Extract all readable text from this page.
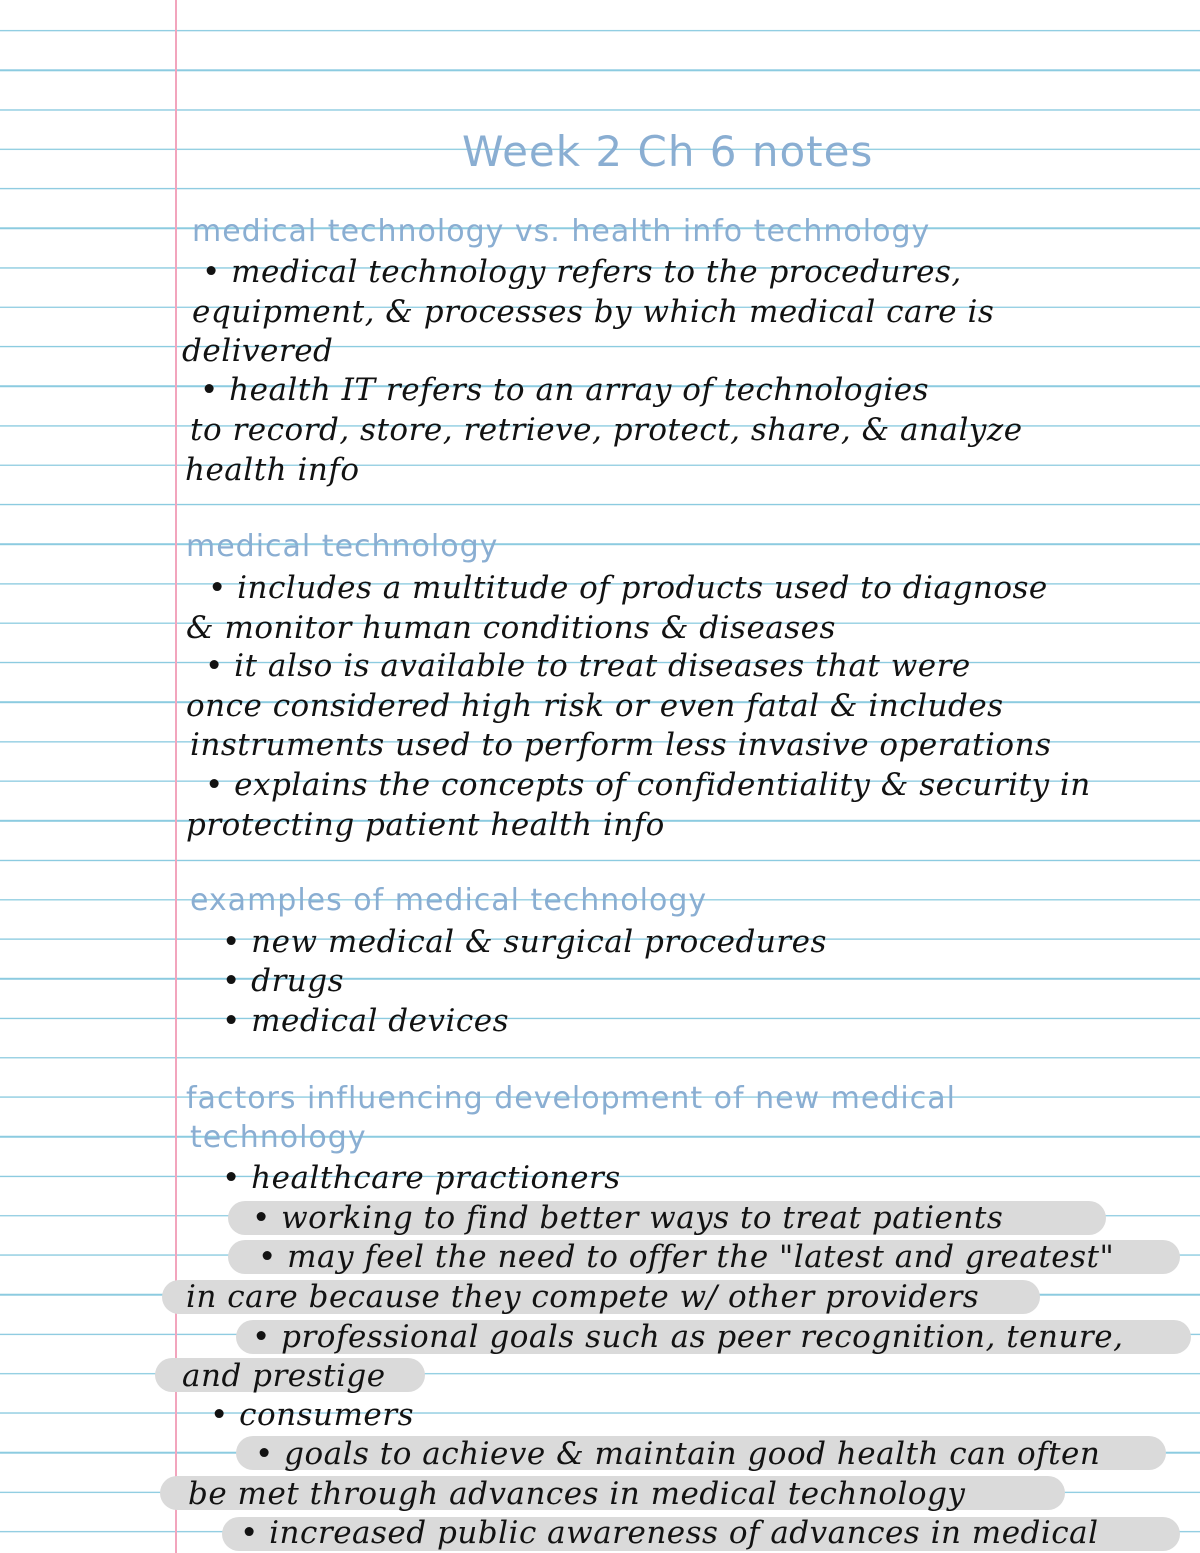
Week 2 Ch 6 notes
medical technology vs. health info technology
• medical technology refers to the procedures,
equipment, & processes by which medical care is
delivered
• health IT refers to an array of technologies
to record, store, retrieve, protect, share, & analyze
health info
medical technology
• includes a multitude of products used to diagnose
& monitor human conditions & diseases
• it also is available to treat diseases that were
once considered high risk or even fatal & includes
instruments used to perform less invasive operations
• explains the concepts of confidentiality & security in
protecting patient health info
examples of medical technology
• new medical & surgical procedures
• drugs
• medical devices
factors influencing development of new medical
technology
• healthcare practioners
• working to find better ways to treat patients
• may feel the need to offer the "latest and greatest"
in care because they compete w/ other providers
• professional goals such as peer recognition, tenure,
and prestige
• consumers
• goals to achieve & maintain good health can often
be met through advances in medical technology
• increased public awareness of advances in medical
